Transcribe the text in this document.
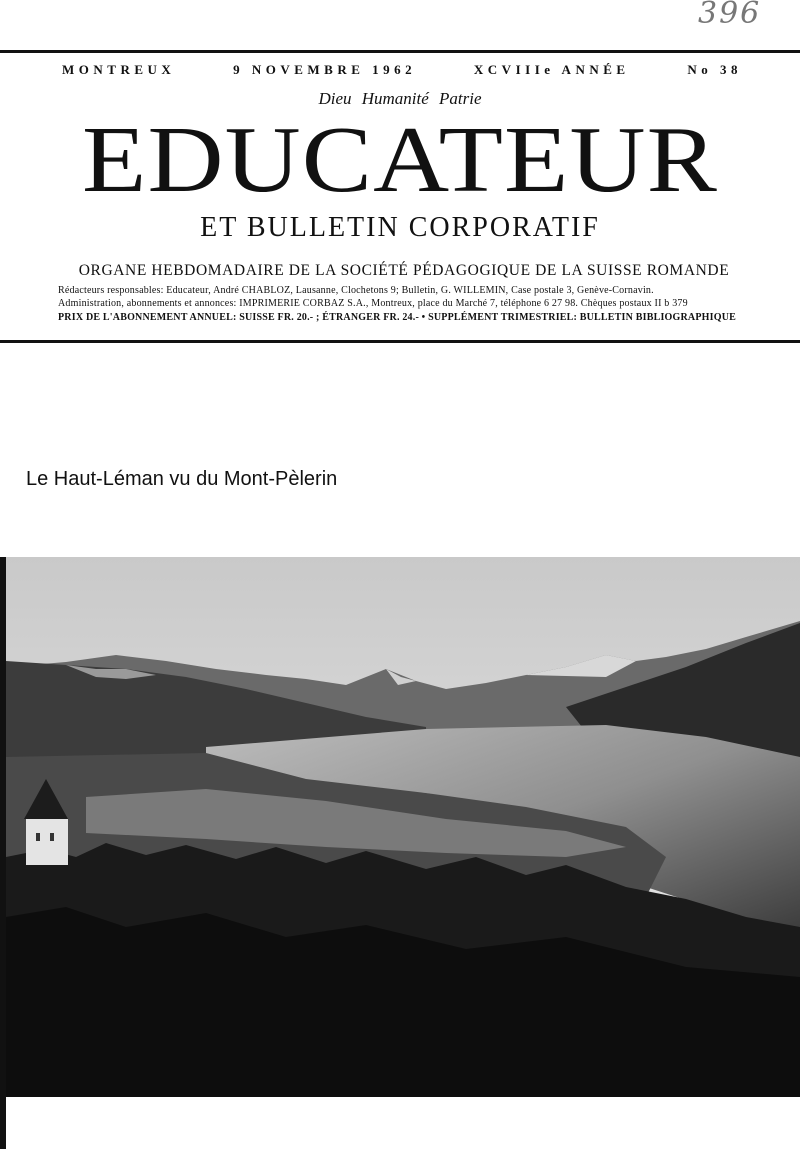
396
MONTREUX	9 NOVEMBRE 1962	XCVIIIe ANNÉE	No 38
Dieu Humanité Patrie
EDUCATEUR
ET BULLETIN CORPORATIF
ORGANE HEBDOMADAIRE DE LA SOCIÉTÉ PÉDAGOGIQUE DE LA SUISSE ROMANDE
Rédacteurs responsables: Educateur, André CHABLOZ, Lausanne, Clochetons 9; Bulletin, G. WILLEMIN, Case postale 3, Genève-Cornavin.
Administration, abonnements et annonces: IMPRIMERIE CORBAZ S.A., Montreux, place du Marché 7, téléphone 6 27 98. Chèques postaux II b 379
PRIX DE L'ABONNEMENT ANNUEL: SUISSE FR. 20.- ; ÉTRANGER FR. 24.- • SUPPLÉMENT TRIMESTRIEL: BULLETIN BIBLIOGRAPHIQUE
Le Haut-Léman vu du Mont-Pèlerin
